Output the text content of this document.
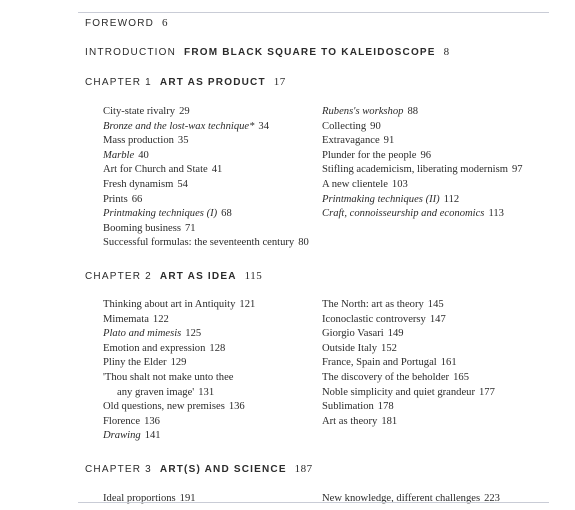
FOREWORD 6
INTRODUCTION FROM BLACK SQUARE TO KALEIDOSCOPE 8
CHAPTER 1 ART AS PRODUCT 17
City-state rivalry 29
Bronze and the lost-wax technique* 34
Mass production 35
Marble 40
Art for Church and State 41
Fresh dynamism 54
Prints 66
Printmaking techniques (I) 68
Booming business 71
Successful formulas: the seventeenth century 80
Rubens's workshop 88
Collecting 90
Extravagance 91
Plunder for the people 96
Stifling academicism, liberating modernism 97
A new clientele 103
Printmaking techniques (II) 112
Craft, connoisseurship and economics 113
CHAPTER 2 ART AS IDEA 115
Thinking about art in Antiquity 121
Mimemata 122
Plato and mimesis 125
Emotion and expression 128
Pliny the Elder 129
'Thou shalt not make unto thee
any graven image' 131
Old questions, new premises 136
Florence 136
Drawing 141
The North: art as theory 145
Iconoclastic controversy 147
Giorgio Vasari 149
Outside Italy 152
France, Spain and Portugal 161
The discovery of the beholder 165
Noble simplicity and quiet grandeur 177
Sublimation 178
Art as theory 181
CHAPTER 3 ART(S) AND SCIENCE 187
Ideal proportions 191	New knowledge, different challenges 223
